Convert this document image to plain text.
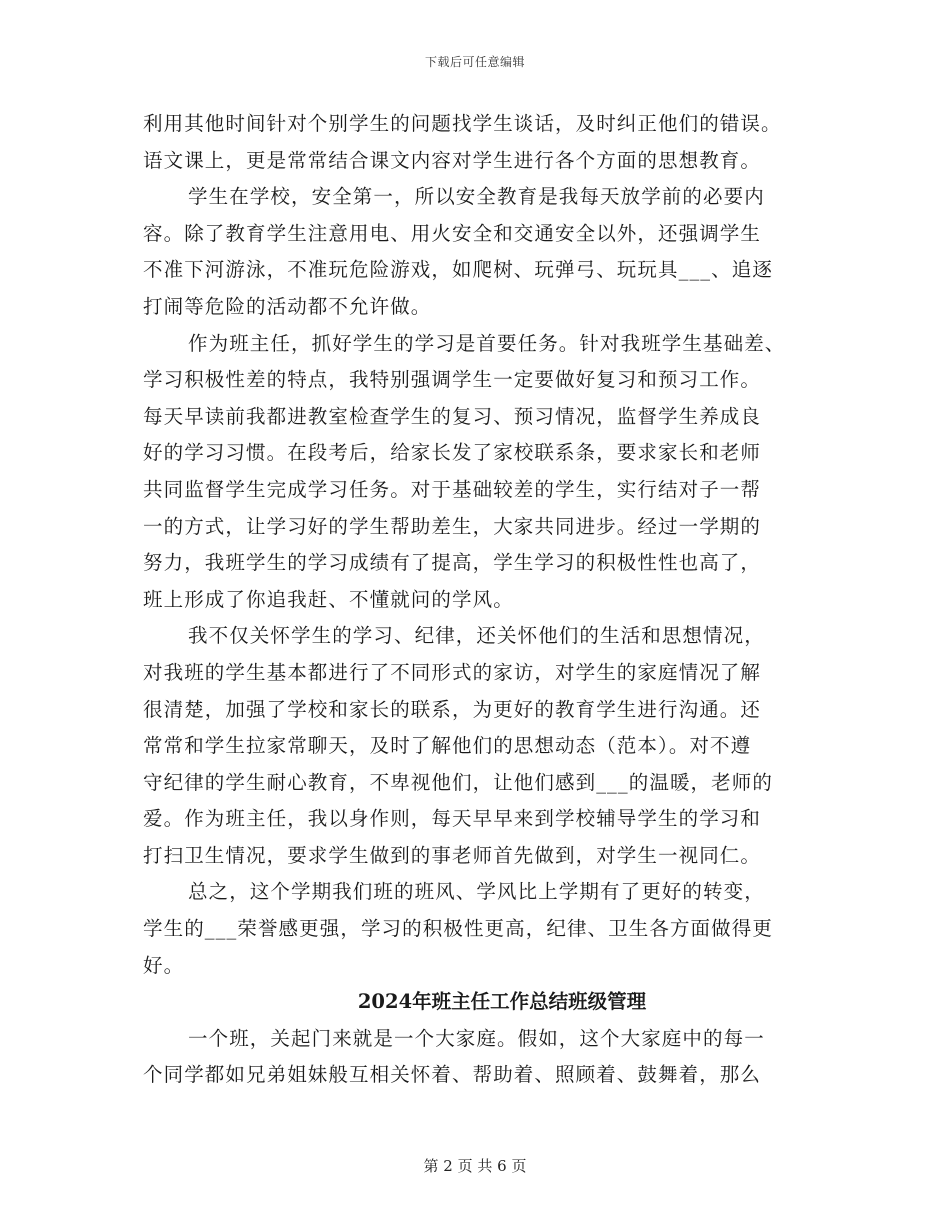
下载后可任意编辑
利用其他时间针对个别学生的问题找学生谈话，及时纠正他们的错误。
语文课上，更是常常结合课文内容对学生进行各个方面的思想教育。
学生在学校，安全第一，所以安全教育是我每天放学前的必要内
容。除了教育学生注意用电、用火安全和交通安全以外，还强调学生
不准下河游泳，不准玩危险游戏，如爬树、玩弹弓、玩玩具___、追逐
打闹等危险的活动都不允许做。
作为班主任，抓好学生的学习是首要任务。针对我班学生基础差、
学习积极性差的特点，我特别强调学生一定要做好复习和预习工作。
每天早读前我都进教室检查学生的复习、预习情况，监督学生养成良
好的学习习惯。在段考后，给家长发了家校联系条，要求家长和老师
共同监督学生完成学习任务。对于基础较差的学生，实行结对子一帮
一的方式，让学习好的学生帮助差生，大家共同进步。经过一学期的
努力，我班学生的学习成绩有了提高，学生学习的积极性性也高了，
班上形成了你追我赶、不懂就问的学风。
我不仅关怀学生的学习、纪律，还关怀他们的生活和思想情况，
对我班的学生基本都进行了不同形式的家访，对学生的家庭情况了解
很清楚，加强了学校和家长的联系，为更好的教育学生进行沟通。还
常常和学生拉家常聊天，及时了解他们的思想动态（范本）。对不遵
守纪律的学生耐心教育，不卑视他们，让他们感到___的温暖，老师的
爱。作为班主任，我以身作则，每天早早来到学校辅导学生的学习和
打扫卫生情况，要求学生做到的事老师首先做到，对学生一视同仁。
总之，这个学期我们班的班风、学风比上学期有了更好的转变，
学生的___荣誉感更强，学习的积极性更高，纪律、卫生各方面做得更
好。
2024年班主任工作总结班级管理
一个班，关起门来就是一个大家庭。假如，这个大家庭中的每一
个同学都如兄弟姐妹般互相关怀着、帮助着、照顾着、鼓舞着，那么
第 2 页 共 6 页
